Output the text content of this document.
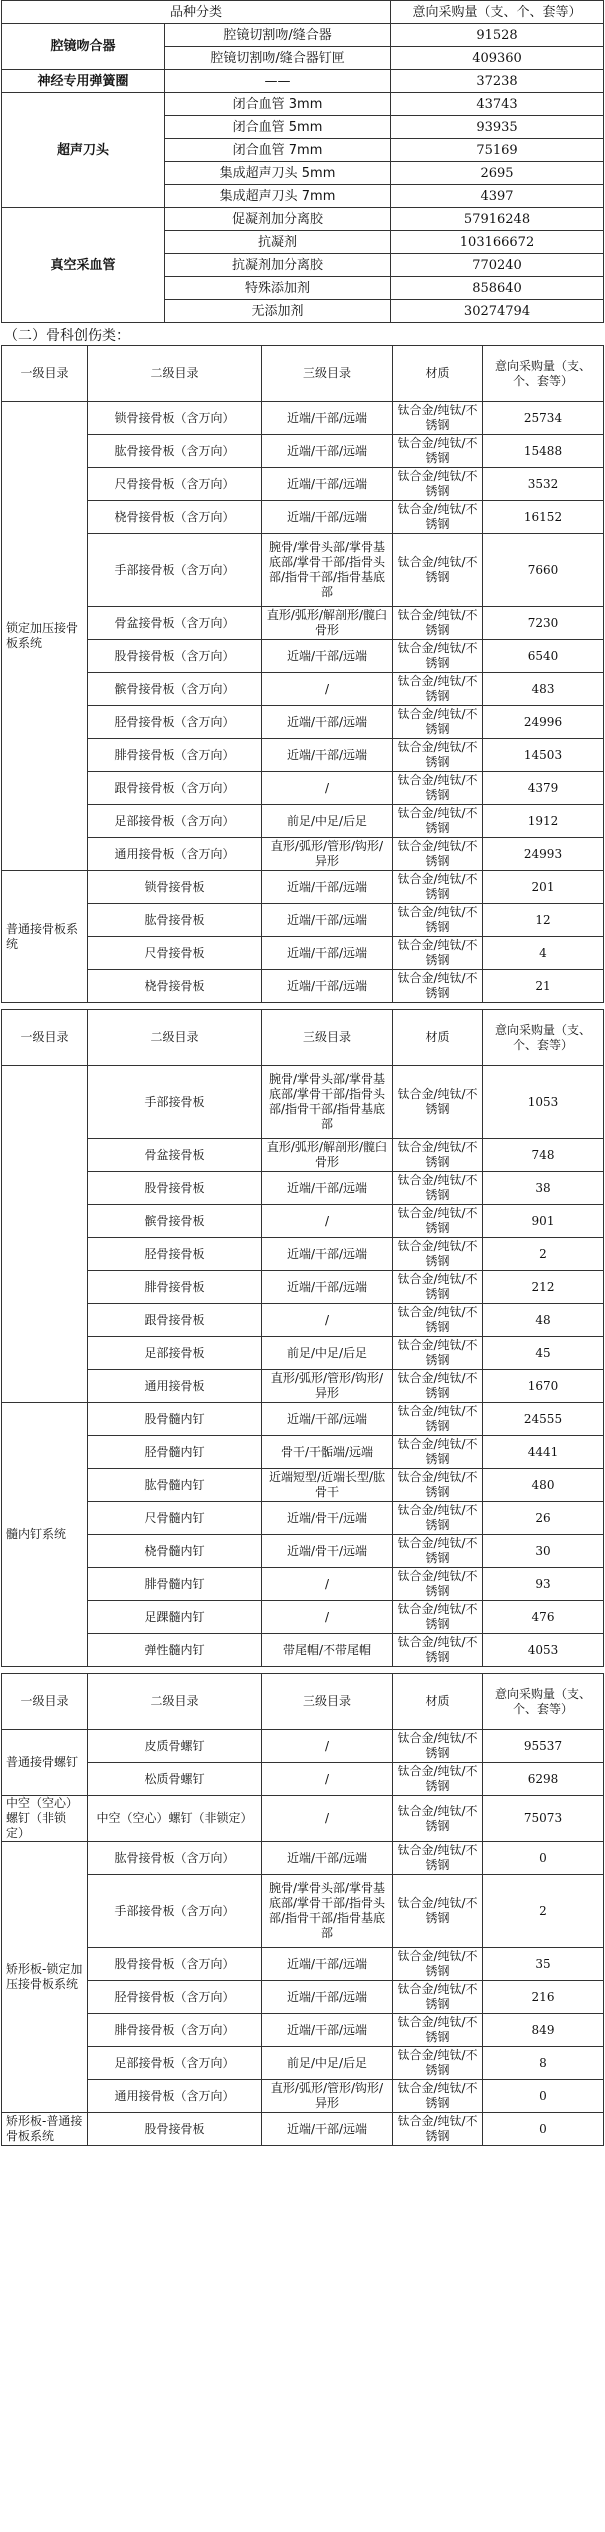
品种分类		意向采购量（支、个、套等）
腔镜吻合器	腔镜切割吻/缝合器	91528
	腔镜切割吻/缝合器钉匣	409360
神经专用弹簧圈	——	37238
超声刀头	闭合血管 3mm	43743
	闭合血管 5mm	93935
	闭合血管 7mm	75169
	集成超声刀头 5mm	2695
	集成超声刀头 7mm	4397
真空采血管	促凝剂加分离胶	57916248
	抗凝剂	103166672
	抗凝剂加分离胶	770240
	特殊添加剂	858640
	无添加剂	30274794
（二）骨科创伤类：
一级目录	二级目录	三级目录	材质	意向采购量（支、个、套等）
锁定加压接骨板系统	锁骨接骨板（含万向）	近端/干部/远端	钛合金/纯钛/不锈钢	25734
	肱骨接骨板（含万向）	近端/干部/远端	钛合金/纯钛/不锈钢	15488
	尺骨接骨板（含万向）	近端/干部/远端	钛合金/纯钛/不锈钢	3532
	桡骨接骨板（含万向）	近端/干部/远端	钛合金/纯钛/不锈钢	16152
	手部接骨板（含万向）	腕骨/掌骨头部/掌骨基底部/掌骨干部/指骨头部/指骨干部/指骨基底部	钛合金/纯钛/不锈钢	7660
	骨盆接骨板（含万向）	直形/弧形/解剖形/髋臼骨形	钛合金/纯钛/不锈钢	7230
	股骨接骨板（含万向）	近端/干部/远端	钛合金/纯钛/不锈钢	6540
	髌骨接骨板（含万向）	/	钛合金/纯钛/不锈钢	483
	胫骨接骨板（含万向）	近端/干部/远端	钛合金/纯钛/不锈钢	24996
	腓骨接骨板（含万向）	近端/干部/远端	钛合金/纯钛/不锈钢	14503
	跟骨接骨板（含万向）	/	钛合金/纯钛/不锈钢	4379
	足部接骨板（含万向）	前足/中足/后足	钛合金/纯钛/不锈钢	1912
	通用接骨板（含万向）	直形/弧形/管形/钩形/异形	钛合金/纯钛/不锈钢	24993
普通接骨板系统	锁骨接骨板	近端/干部/远端	钛合金/纯钛/不锈钢	201
	肱骨接骨板	近端/干部/远端	钛合金/纯钛/不锈钢	12
	尺骨接骨板	近端/干部/远端	钛合金/纯钛/不锈钢	4
	桡骨接骨板	近端/干部/远端	钛合金/纯钛/不锈钢	21
一级目录	二级目录	三级目录	材质	意向采购量（支、个、套等）
	手部接骨板	腕骨/掌骨头部/掌骨基底部/掌骨干部/指骨头部/指骨干部/指骨基底部	钛合金/纯钛/不锈钢	1053
	骨盆接骨板	直形/弧形/解剖形/髋臼骨形	钛合金/纯钛/不锈钢	748
	股骨接骨板	近端/干部/远端	钛合金/纯钛/不锈钢	38
	髌骨接骨板	/	钛合金/纯钛/不锈钢	901
	胫骨接骨板	近端/干部/远端	钛合金/纯钛/不锈钢	2
	腓骨接骨板	近端/干部/远端	钛合金/纯钛/不锈钢	212
	跟骨接骨板	/	钛合金/纯钛/不锈钢	48
	足部接骨板	前足/中足/后足	钛合金/纯钛/不锈钢	45
	通用接骨板	直形/弧形/管形/钩形/异形	钛合金/纯钛/不锈钢	1670
髓内钉系统	股骨髓内钉	近端/干部/远端	钛合金/纯钛/不锈钢	24555
	胫骨髓内钉	骨干/干骺端/远端	钛合金/纯钛/不锈钢	4441
	肱骨髓内钉	近端短型/近端长型/肱骨干	钛合金/纯钛/不锈钢	480
	尺骨髓内钉	近端/骨干/远端	钛合金/纯钛/不锈钢	26
	桡骨髓内钉	近端/骨干/远端	钛合金/纯钛/不锈钢	30
	腓骨髓内钉	/	钛合金/纯钛/不锈钢	93
	足踝髓内钉	/	钛合金/纯钛/不锈钢	476
	弹性髓内钉	带尾帽/不带尾帽	钛合金/纯钛/不锈钢	4053
一级目录	二级目录	三级目录	材质	意向采购量（支、个、套等）
普通接骨螺钉	皮质骨螺钉	/	钛合金/纯钛/不锈钢	95537
	松质骨螺钉	/	钛合金/纯钛/不锈钢	6298
中空（空心）螺钉（非锁定）	中空（空心）螺钉（非锁定）	/	钛合金/纯钛/不锈钢	75073
矫形板-锁定加压接骨板系统	肱骨接骨板（含万向）	近端/干部/远端	钛合金/纯钛/不锈钢	0
	手部接骨板（含万向）	腕骨/掌骨头部/掌骨基底部/掌骨干部/指骨头部/指骨干部/指骨基底部	钛合金/纯钛/不锈钢	2
	股骨接骨板（含万向）	近端/干部/远端	钛合金/纯钛/不锈钢	35
	胫骨接骨板（含万向）	近端/干部/远端	钛合金/纯钛/不锈钢	216
	腓骨接骨板（含万向）	近端/干部/远端	钛合金/纯钛/不锈钢	849
	足部接骨板（含万向）	前足/中足/后足	钛合金/纯钛/不锈钢	8
	通用接骨板（含万向）	直形/弧形/管形/钩形/异形	钛合金/纯钛/不锈钢	0
矫形板-普通接骨板系统	股骨接骨板	近端/干部/远端	钛合金/纯钛/不锈钢	0
